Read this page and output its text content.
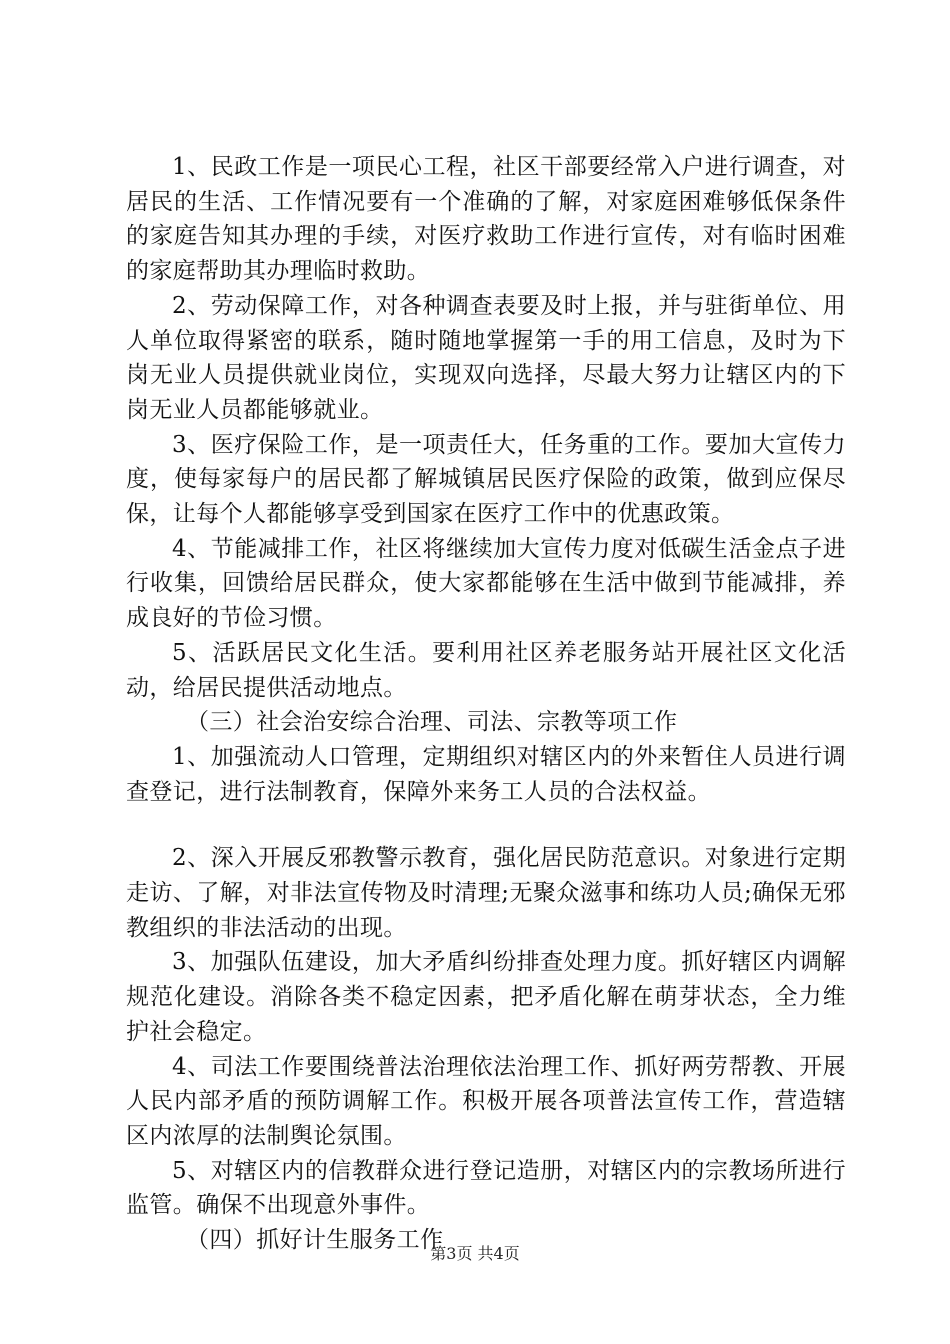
1、民政工作是一项民心工程，社区干部要经常入户进行调查，对居民的生活、工作情况要有一个准确的了解，对家庭困难够低保条件的家庭告知其办理的手续，对医疗救助工作进行宣传，对有临时困难的家庭帮助其办理临时救助。

2、劳动保障工作，对各种调查表要及时上报，并与驻街单位、用人单位取得紧密的联系，随时随地掌握第一手的用工信息，及时为下岗无业人员提供就业岗位，实现双向选择，尽最大努力让辖区内的下岗无业人员都能够就业。

3、医疗保险工作，是一项责任大，任务重的工作。要加大宣传力度，使每家每户的居民都了解城镇居民医疗保险的政策，做到应保尽保，让每个人都能够享受到国家在医疗工作中的优惠政策。

4、节能减排工作，社区将继续加大宣传力度对低碳生活金点子进行收集，回馈给居民群众，使大家都能够在生活中做到节能减排，养成良好的节俭习惯。

5、活跃居民文化生活。要利用社区养老服务站开展社区文化活动，给居民提供活动地点。

（三）社会治安综合治理、司法、宗教等项工作

1、加强流动人口管理，定期组织对辖区内的外来暂住人员进行调查登记，进行法制教育，保障外来务工人员的合法权益。

2、深入开展反邪教警示教育，强化居民防范意识。对象进行定期走访、了解，对非法宣传物及时清理;无聚众滋事和练功人员;确保无邪教组织的非法活动的出现。

3、加强队伍建设，加大矛盾纠纷排查处理力度。抓好辖区内调解规范化建设。消除各类不稳定因素，把矛盾化解在萌芽状态，全力维护社会稳定。

4、司法工作要围绕普法治理依法治理工作、抓好两劳帮教、开展人民内部矛盾的预防调解工作。积极开展各项普法宣传工作，营造辖区内浓厚的法制舆论氛围。

5、对辖区内的信教群众进行登记造册，对辖区内的宗教场所进行监管。确保不出现意外事件。

（四）抓好计生服务工作

第3页 共4页
